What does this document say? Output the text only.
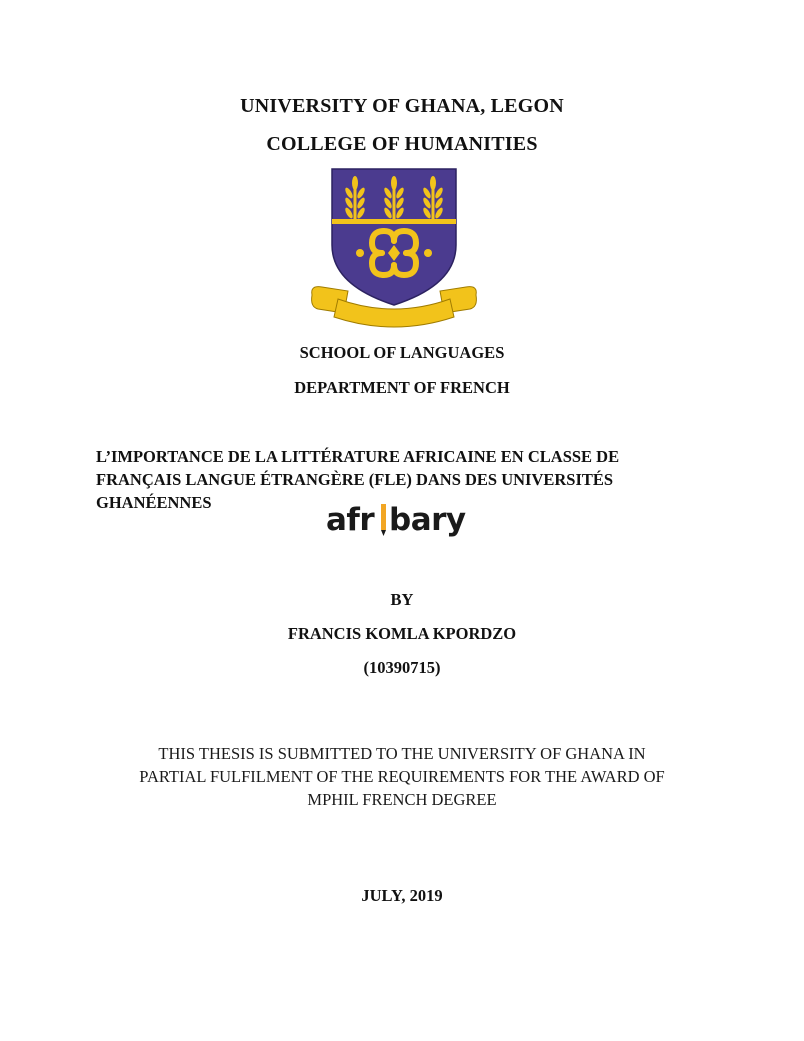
UNIVERSITY OF GHANA, LEGON
COLLEGE OF HUMANITIES
SCHOOL OF LANGUAGES
DEPARTMENT OF FRENCH
L’IMPORTANCE DE LA LITTÉRATURE AFRICAINE EN CLASSE DE
FRANÇAIS LANGUE ÉTRANGÈRE (FLE) DANS DES UNIVERSITÉS
GHANÉENNES	afr bary
BY
FRANCIS KOMLA KPORDZO
(10390715)
THIS THESIS IS SUBMITTED TO THE UNIVERSITY OF GHANA IN
PARTIAL FULFILMENT OF THE REQUIREMENTS FOR THE AWARD OF
MPHIL FRENCH DEGREE
JULY, 2019
